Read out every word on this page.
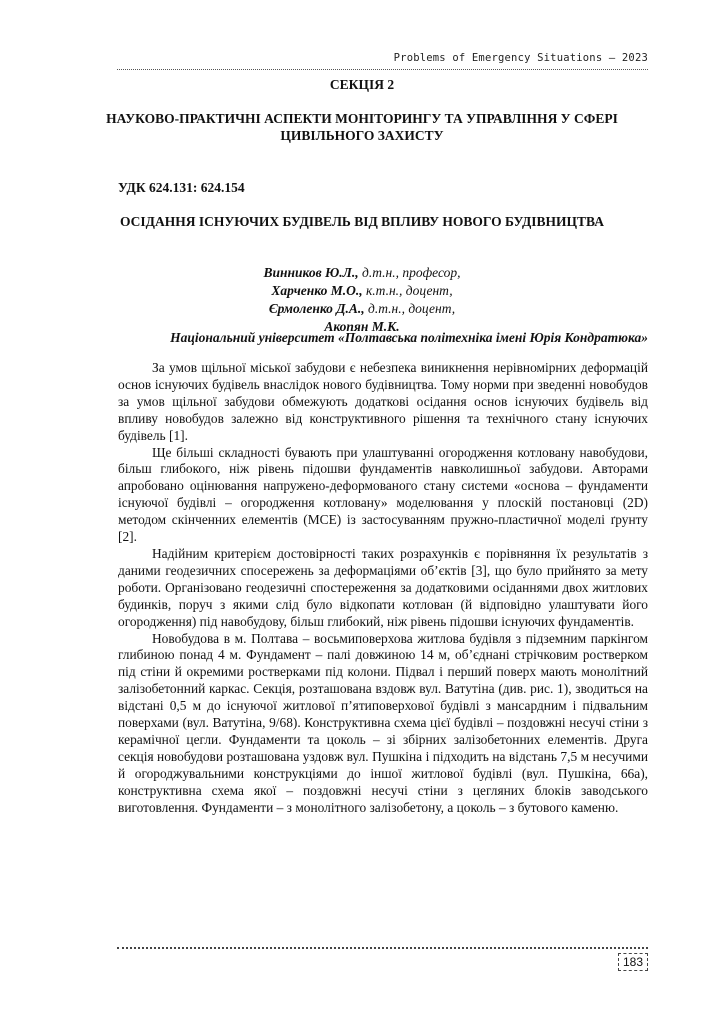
Problems of Emergency Situations – 2023
СЕКЦІЯ 2
НАУКОВО-ПРАКТИЧНІ АСПЕКТИ МОНІТОРИНГУ ТА УПРАВЛІННЯ У СФЕРІ ЦИВІЛЬНОГО ЗАХИСТУ
УДК 624.131: 624.154
ОСІДАННЯ ІСНУЮЧИХ БУДІВЕЛЬ ВІД ВПЛИВУ НОВОГО БУДІВНИЦТВА
Винников Ю.Л., д.т.н., професор,
Харченко М.О., к.т.н., доцент,
Єрмоленко Д.А., д.т.н., доцент,
Акопян М.К.
Національний університет «Полтавська політехніка імені Юрія Кондратюка»

За умов щільної міської забудови є небезпека виникнення нерівномірних деформацій основ існуючих будівель внаслідок нового будівництва. Тому норми при зведенні новобудов за умов щільної забудови обмежують додаткові осідання основ існуючих будівель від впливу новобудов залежно від конструктивного рішення та технічного стану існуючих будівель [1].

Ще більші складності бувають при улаштуванні огородження котловану навобудови, більш глибокого, ніж рівень підошви фундаментів навколишньої забудови. Авторами апробовано оцінювання напружено-деформованого стану системи «основа – фундаменти існуючої будівлі – огородження котловану» моделювання у плоскій постановці (2D) методом скінченних елементів (МСЕ) із застосуванням пружно-пластичної моделі ґрунту [2].

Надійним критерієм достовірності таких розрахунків є порівняння їх результатів з даними геодезичних спосережень за деформаціями об’єктів [3], що було прийнято за мету роботи. Організовано геодезичні спостереження за додатковими осіданнями двох житлових будинків, поруч з якими слід було відкопати котлован (й відповідно улаштувати його огородження) під навобудову, більш глибокий, ніж рівень підошви існуючих фундаментів.

Новобудова в м. Полтава – восьмиповерхова житлова будівля з підземним паркінгом глибиною понад 4 м. Фундамент – палі довжиною 14 м, об’єднані стрічковим ростверком під стіни й окремими ростверками під колони. Підвал і перший поверх мають монолітний залізобетонний каркас. Секція, розташована вздовж вул. Ватутіна (див. рис. 1), зводиться на відстані 0,5 м до існуючої житлової п’ятиповерхової будівлі з мансардним і підвальним поверхами (вул. Ватутіна, 9/68). Конструктивна схема цієї будівлі – поздовжні несучі стіни з керамічної цегли. Фундаменти та цоколь – зі збірних залізобетонних елементів. Друга секція новобудови розташована уздовж вул. Пушкіна і підходить на відстань 7,5 м несучими й огороджувальними конструкціями до іншої житлової будівлі (вул. Пушкіна, 66а), конструктивна схема якої – поздовжні несучі стіни з цегляних блоків заводського виготовлення. Фундаменти – з монолітного залізобетону, а цоколь – з бутового каменю.

183
